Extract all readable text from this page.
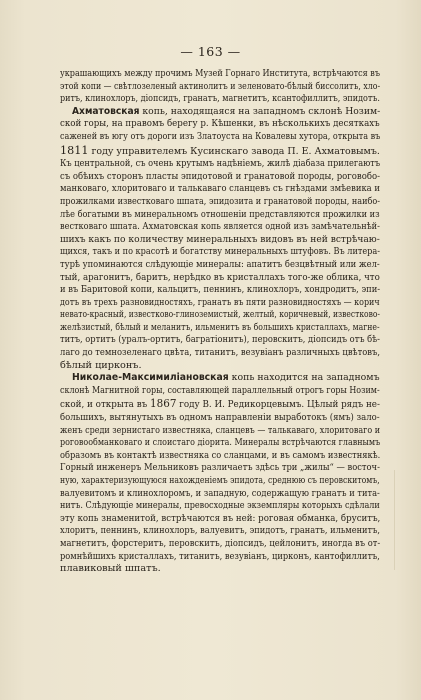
— 163 —
украшающихъ между прочимъ Музей Горнаго Института, встрѣчаются въ
этой копи — свѣтлозеленый актинолитъ и зеленовато-бѣлый биссолитъ, хло-
ритъ, клинохлоръ, діопсидъ, гранатъ, магнетитъ, ксантофиллитъ, эпидотъ.
Ахматовская копь, находящаяся на западномъ склонѣ Нозим-
ской горы, на правомъ берегу р. Кѣшенки, въ нѣсколькихъ десяткахъ
саженей въ югу отъ дороги изъ Златоуста на Ковалевы хутора, открыта въ
1811 году управителемъ Кусинскаго завода П. Е. Ахматовымъ.
Къ центральной, съ очень крутымъ надѣніемъ, жилѣ діабаза прилегаютъ
съ обѣихъ сторонъ пласты эпидотовой и гранатовой породы, роговобо-
манковаго, хлоритоваго и талькаваго сланцевъ съ гнѣздами змѣевика и
прожилками известковаго шпата, эпидозита и гранатовой породы, наибо-
лѣе богатыми въ минеральномъ отношеніи представляются прожилки из
вестковаго шпата. Ахматовская копь является одной изъ замѣчательнѣй-
шихъ какъ по количеству минеральныхъ видовъ въ ней встрѣчаю-
щихся, такъ и по красотѣ и богатству минеральныхъ штуфовъ. Въ литера-
турѣ упоминаются слѣдующіе минералы: апатитъ безцвѣтный или жел-
тый, арагонитъ, баритъ, нерѣдко въ кристаллахъ того-же облика, что
и въ Баритовой копи, кальцитъ, пеннинъ, клинохлоръ, хондродитъ, эпи-
дотъ въ трехъ разновидностяхъ, гранатъ въ пяти разновидностяхъ — корич
невато-красный, известково-глиноземистый, желтый, коричневый, известково-
желѣзистый, бѣлый и меланитъ, ильменитъ въ большихъ кристаллахъ, магне-
титъ, ортитъ (уралъ-ортитъ, багратіонитъ), перовскитъ, діопсидъ отъ бѣ-
лаго до темнозеленаго цвѣта, титанитъ, везувіанъ различныхъ цвѣтовъ,
бѣлый цирконъ.
Николае-Максимиліановская копь находится на западномъ
склонѣ Магнитной горы, составляющей параллельный отрогъ горы Нозим-
ской, и открыта въ 1867 году В. И. Редикорцевымъ. Цѣлый рядъ не-
большихъ, вытянутыхъ въ одномъ направленіи выработокъ (ямъ) зало-
женъ среди зернистаго известняка, сланцевъ — талькаваго, хлоритоваго и
роговообманковаго и слоистаго діорита. Минералы встрѣчаются главнымъ
образомъ въ контактѣ известняка со сланцами, и въ самомъ известнякѣ.
Горный инженеръ Мельниковъ различаетъ здѣсь три „жилы“ — восточ-
ную, характеризующуюся нахожденіемъ эпидота, среднюю съ перовскитомъ,
валуевитомъ и клинохлоромъ, и западную, содержащую гранатъ и тита-
нитъ. Слѣдующіе минералы, превосходные экземпляры которыхъ сдѣлали
эту копь знаменитой, встрѣчаются въ ней: роговая обманка, бруситъ,
хлоритъ, пеннинъ, клинохлоръ, валуевитъ, эпидотъ, гранатъ, ильменитъ,
магнетитъ, форстеритъ, перовскитъ, діопсидъ, цейлонитъ, иногда въ от-
ромнѣйшихъ кристаллахъ, титанитъ, везувіанъ, цирконъ, кантофиллитъ,
плавиковый шпатъ.
